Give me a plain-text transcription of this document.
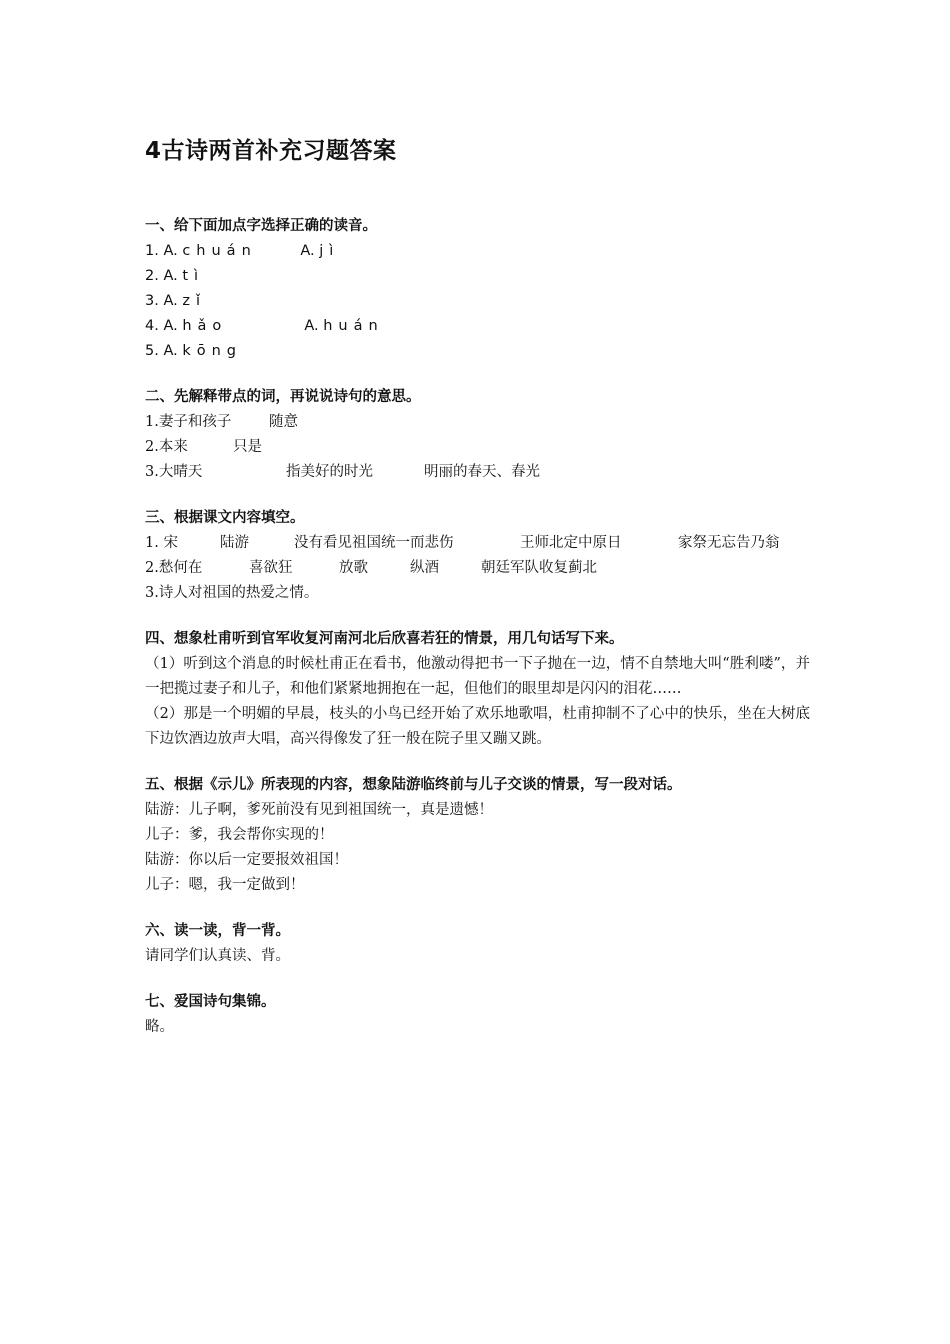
4古诗两首补充习题答案
一、给下面加点字选择正确的读音。
1. A. chuán	A. jì
2. A. tì
3. A. zǐ
4. A. hǎo	A. huán
5. A. kōng
二、先解释带点的词，再说说诗句的意思。
1.妻子和孩子	随意
2.本来	只是
3.大晴天	指美好的时光	明丽的春天、春光
三、根据课文内容填空。
1. 宋	陆游	没有看见祖国统一而悲伤	王师北定中原日	家祭无忘告乃翁
2.愁何在	喜欲狂	放歌	纵酒	朝廷军队收复蓟北
3.诗人对祖国的热爱之情。
四、想象杜甫听到官军收复河南河北后欣喜若狂的情景，用几句话写下来。
（1）听到这个消息的时候杜甫正在看书，他激动得把书一下子抛在一边，情不自禁地大叫“胜利喽”，并一把揽过妻子和儿子，和他们紧紧地拥抱在一起，但他们的眼里却是闪闪的泪花……
（2）那是一个明媚的早晨，枝头的小鸟已经开始了欢乐地歌唱，杜甫抑制不了心中的快乐，坐在大树底下边饮酒边放声大唱，高兴得像发了狂一般在院子里又蹦又跳。
五、根据《示儿》所表现的内容，想象陆游临终前与儿子交谈的情景，写一段对话。
陆游：儿子啊，爹死前没有见到祖国统一，真是遗憾！
儿子：爹，我会帮你实现的！
陆游：你以后一定要报效祖国！
儿子：嗯，我一定做到！
六、读一读，背一背。
请同学们认真读、背。
七、爱国诗句集锦。
略。
